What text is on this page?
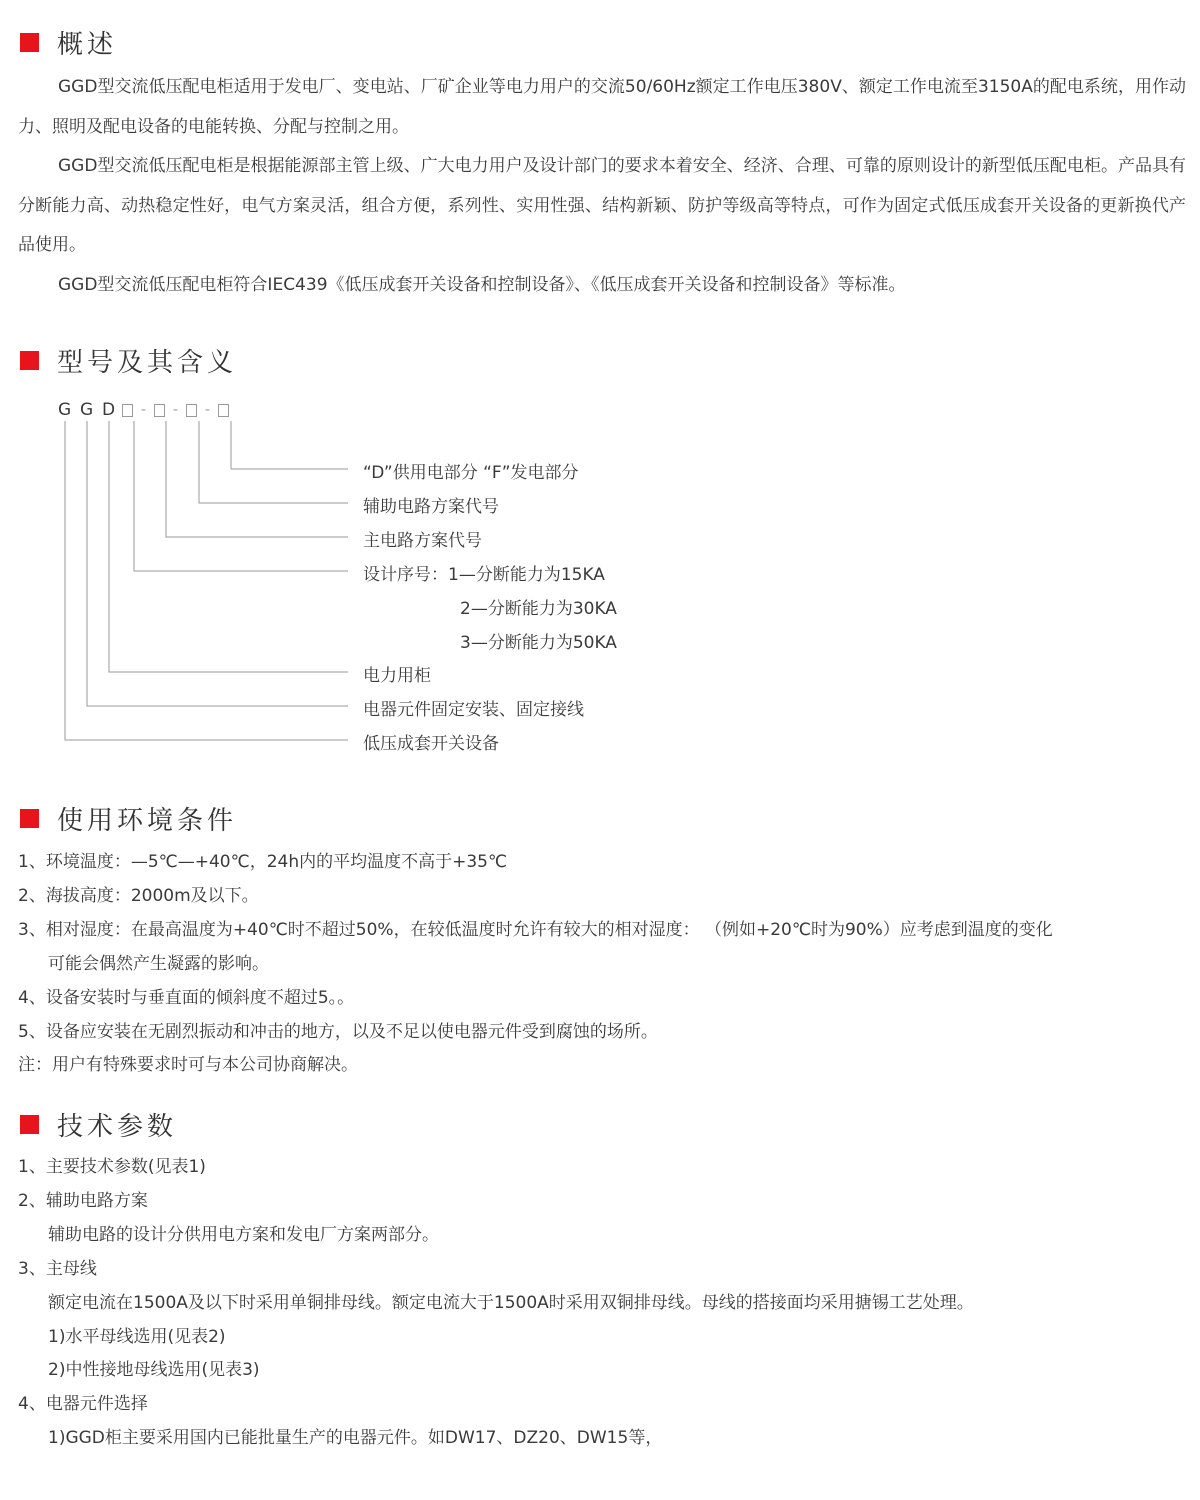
概述

GGD型交流低压配电柜适用于发电厂、变电站、厂矿企业等电力用户的交流50/60Hz额定工作电压380V、额定工作电流至3150A的配电系统，用作动力、照明及配电设备的电能转换、分配与控制之用。

GGD型交流低压配电柜是根据能源部主管上级、广大电力用户及设计部门的要求本着安全、经济、合理、可靠的原则设计的新型低压配电柜。产品具有分断能力高、动热稳定性好，电气方案灵活，组合方便，系列性、实用性强、结构新颖、防护等级高等特点，可作为固定式低压成套开关设备的更新换代产品使用。

GGD型交流低压配电柜符合IEC439《低压成套开关设备和控制设备》、《低压成套开关设备和控制设备》等标准。

型号及其含义
G G D	-	-	-
“D”供用电部分 “F”发电部分
辅助电路方案代号
主电路方案代号
设计序号：1—分断能力为15KA
2—分断能力为30KA
3—分断能力为50KA
电力用柜
电器元件固定安装、固定接线
低压成套开关设备
使用环境条件
1、环境温度：—5℃—+40℃，24h内的平均温度不高于+35℃
2、海拔高度：2000m及以下。
3、相对湿度：在最高温度为+40℃时不超过50%，在较低温度时允许有较大的相对湿度： （例如+20℃时为90%）应考虑到温度的变化
可能会偶然产生凝露的影响。
4、设备安装时与垂直面的倾斜度不超过5。。
5、设备应安装在无剧烈振动和冲击的地方，以及不足以使电器元件受到腐蚀的场所。
注：用户有特殊要求时可与本公司协商解决。
技术参数
1、主要技术参数(见表1)
2、辅助电路方案
辅助电路的设计分供用电方案和发电厂方案两部分。
3、主母线
额定电流在1500A及以下时采用单铜排母线。额定电流大于1500A时采用双铜排母线。母线的搭接面均采用搪锡工艺处理。
1)水平母线选用(见表2)
2)中性接地母线选用(见表3)
4、电器元件选择
1)GGD柜主要采用国内已能批量生产的电器元件。如DW17、DZ20、DW15等，
